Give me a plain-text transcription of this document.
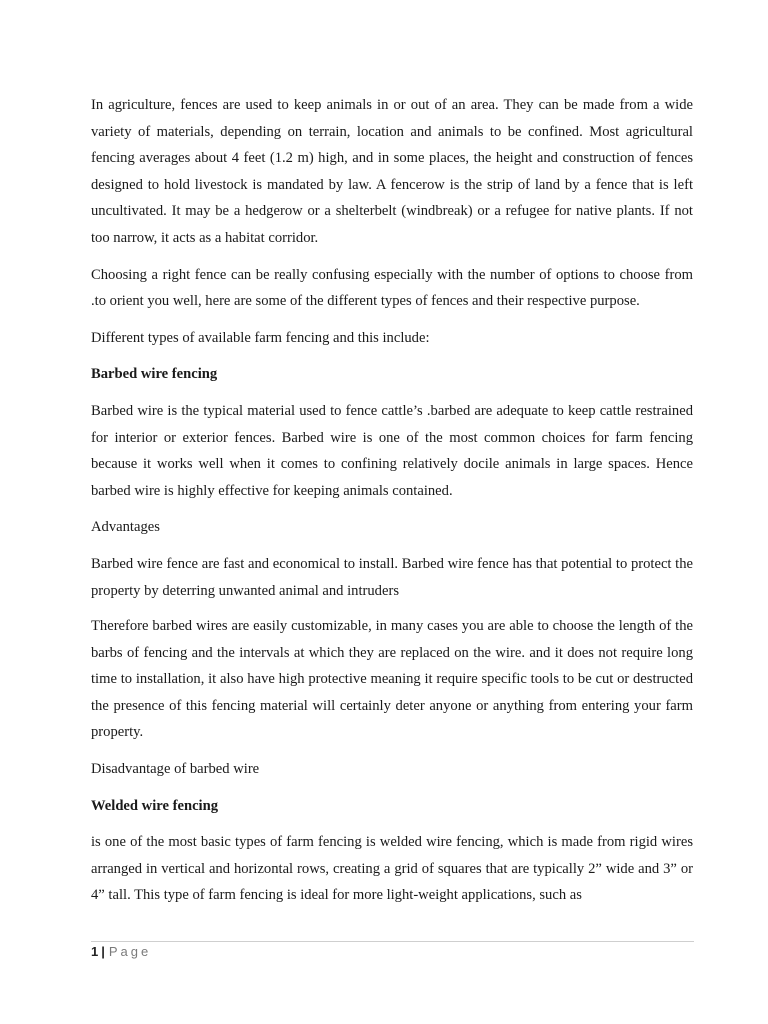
In agriculture, fences are used to keep animals in or out of an area. They can be made from a wide variety of materials, depending on terrain, location and animals to be confined. Most agricultural fencing averages about 4 feet (1.2 m) high, and in some places, the height and construction of fences designed to hold livestock is mandated by law. A fencerow is the strip of land by a fence that is left uncultivated. It may be a hedgerow or a shelterbelt (windbreak) or a refugee for native plants. If not too narrow, it acts as a habitat corridor.

Choosing a right fence can be really confusing especially with the number of options to choose from .to orient you well, here are some of the different types of fences and their respective purpose.

Different types of available farm fencing and this include:

Barbed wire fencing

Barbed wire is the typical material used to fence cattle’s .barbed are adequate to keep cattle restrained for interior or exterior fences. Barbed wire is one of the most common choices for farm fencing because it works well when it comes to confining relatively docile animals in large spaces. Hence barbed wire is highly effective for keeping animals contained.

Advantages

Barbed wire fence are fast and economical to install. Barbed wire fence has that potential to protect the property by deterring unwanted animal and intruders

Therefore barbed wires are easily customizable, in many cases you are able to choose the length of the barbs of fencing and the intervals at which they are replaced on the wire. and it does not require long time to installation, it also have high protective meaning it require specific tools to be cut or destructed the presence of this fencing material will certainly deter anyone or anything from entering your farm property.

Disadvantage of barbed wire

Welded wire fencing

is one of the most basic types of farm fencing is welded wire fencing, which is made from rigid wires arranged in vertical and horizontal rows, creating a grid of squares that are typically 2” wide and 3” or 4” tall. This type of farm fencing is ideal for more light-weight applications, such as

1 | Page
